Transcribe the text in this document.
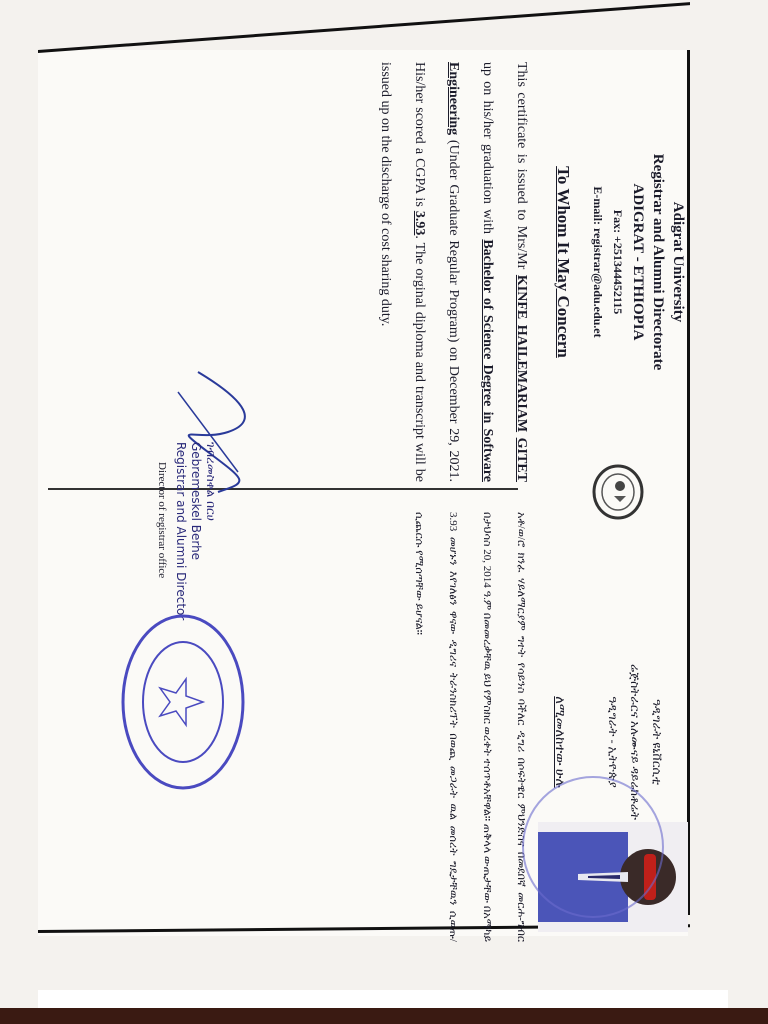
Adigrat University
Registrar and Alumni Directorate
ADIGRAT - ETHIOPIA
Fax: +251344452115
E-mail: registrar@adu.edu.et
To Whom It May Concern
This certificate is issued to Mrs/Mr KINFE HAILEMARIAM GITET up on his/her graduation with Bachelor of Science Degree in Software Engineering (Under Graduate Regular Program) on December 29, 2021. His/her scored a CGPA is 3.93. The orginal diploma and transcript will be issued up on the discharge of cost sharing duty.
ዓዲግራት ዩኒቨርሲቲ
ሬጅስትራርና አሉሙናይ ዳይሬክቶሬት
ዓዲግራት - ኢትዮጵያ
ለሚመለከተው ሁሉ
አቶ/ወ/ሮ ክንፈ ሃይለማርያም ግተት የሳይንስ ባችለር ዲግሪ በሶፍትዌር ምህንድስና በመደበኛ መርሐ-ግብር በታህሳስ 20, 2014 ዓ.ም በመመረቃቸዉ ይህ የምስክር ወረቀት ተሰጥቶአቸዋል። ጠቅላላ ውጤታቸው በአማካይ 3.93 መሆኑን እየገለፅን ዋናው ዲግሪና ትራንስክሪፕት በወጪ መጋራት ዉል መሰረት ግዴታቸዉን ሲወጡ/ሲጨርሱ የሚሰጣቸው ይሆናል።
ገብረመስቀል በርሀ
Gebremeskel Berhe
Registrar and Alumni Director
Director of registrar office
